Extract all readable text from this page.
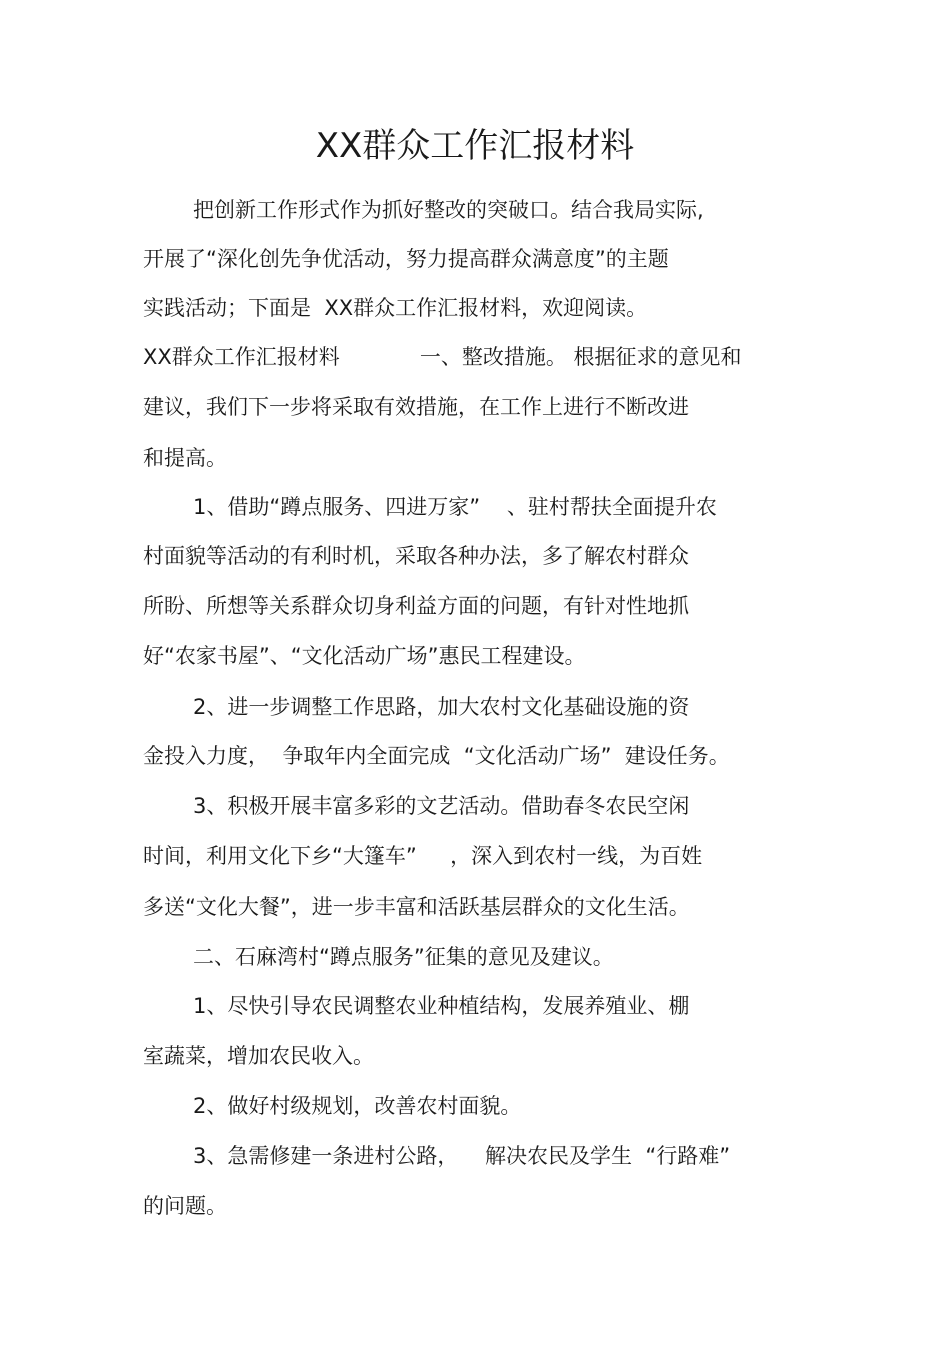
XX群众工作汇报材料
把创新工作形式作为抓好整改的突破口。结合我局实际,
开展了“深化创先争优活动，努力提高群众满意度”的主题
实践活动；下面是  XX群众工作汇报材料，欢迎阅读。
XX群众工作汇报材料            一、整改措施。 根据征求的意见和
建议，我们下一步将采取有效措施，在工作上进行不断改进
和提高。
1、借助“蹲点服务、四进万家”    、驻村帮扶全面提升农
村面貌等活动的有利时机，采取各种办法，多了解农村群众
所盼、所想等关系群众切身利益方面的问题，有针对性地抓
好“农家书屋”、“文化活动广场”惠民工程建设。
2、进一步调整工作思路，加大农村文化基础设施的资
金投入力度，  争取年内全面完成  “文化活动广场”  建设任务。
3、积极开展丰富多彩的文艺活动。借助春冬农民空闲
时间，利用文化下乡“大篷车”     ，深入到农村一线，为百姓
多送“文化大餐”，进一步丰富和活跃基层群众的文化生活。
二、石麻湾村“蹲点服务”征集的意见及建议。
1、尽快引导农民调整农业种植结构，发展养殖业、棚
室蔬菜，增加农民收入。
2、做好村级规划，改善农村面貌。
3、急需修建一条进村公路，    解决农民及学生  “行路难”
的问题。
